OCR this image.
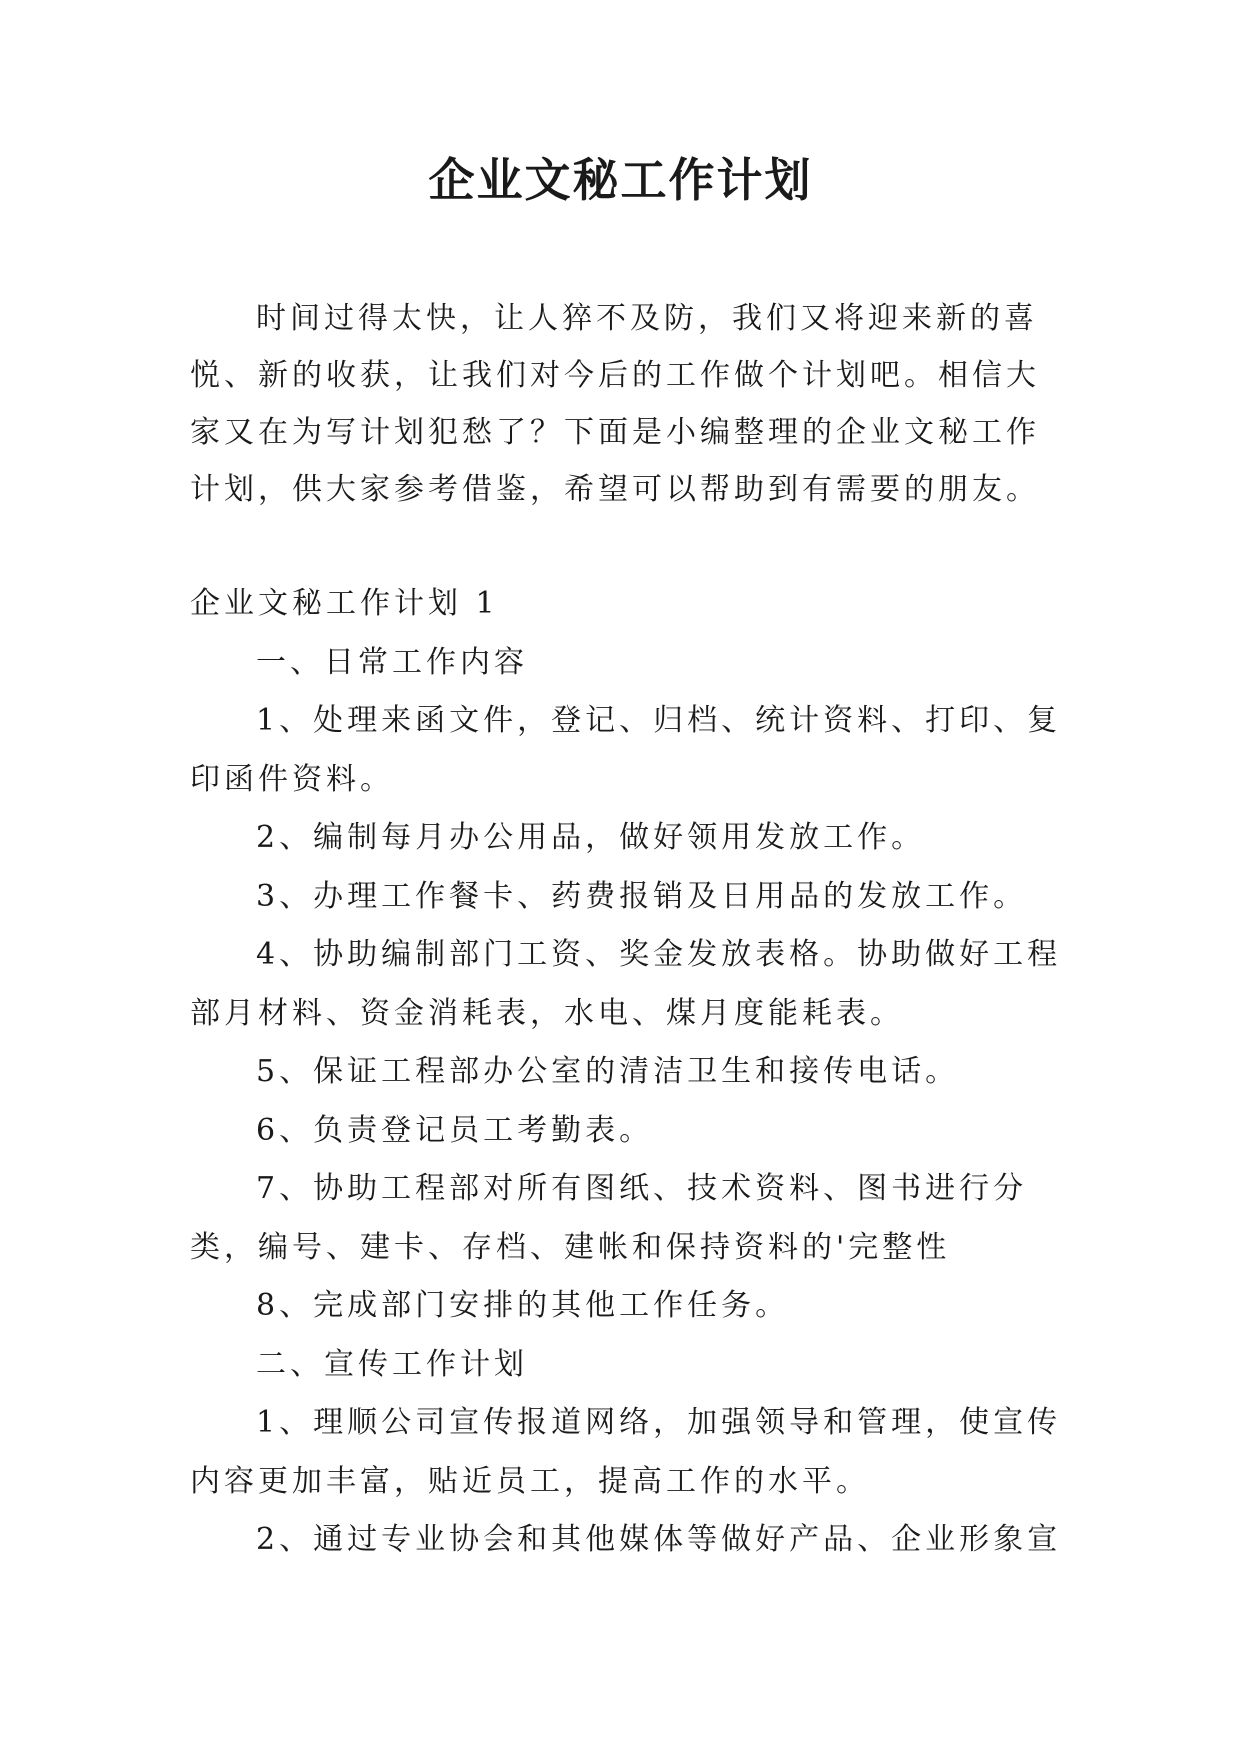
企业文秘工作计划

时间过得太快，让人猝不及防，我们又将迎来新的喜悦、新的收获，让我们对今后的工作做个计划吧。相信大家又在为写计划犯愁了？下面是小编整理的企业文秘工作计划，供大家参考借鉴，希望可以帮助到有需要的朋友。

企业文秘工作计划 1

一、日常工作内容

1、处理来函文件，登记、归档、统计资料、打印、复印函件资料。

2、编制每月办公用品，做好领用发放工作。

3、办理工作餐卡、药费报销及日用品的发放工作。

4、协助编制部门工资、奖金发放表格。协助做好工程部月材料、资金消耗表，水电、煤月度能耗表。

5、保证工程部办公室的清洁卫生和接传电话。

6、负责登记员工考勤表。

7、协助工程部对所有图纸、技术资料、图书进行分类，编号、建卡、存档、建帐和保持资料的'完整性

8、完成部门安排的其他工作任务。

二、宣传工作计划

1、理顺公司宣传报道网络，加强领导和管理，使宣传内容更加丰富，贴近员工，提高工作的水平。

2、通过专业协会和其他媒体等做好产品、企业形象宣
